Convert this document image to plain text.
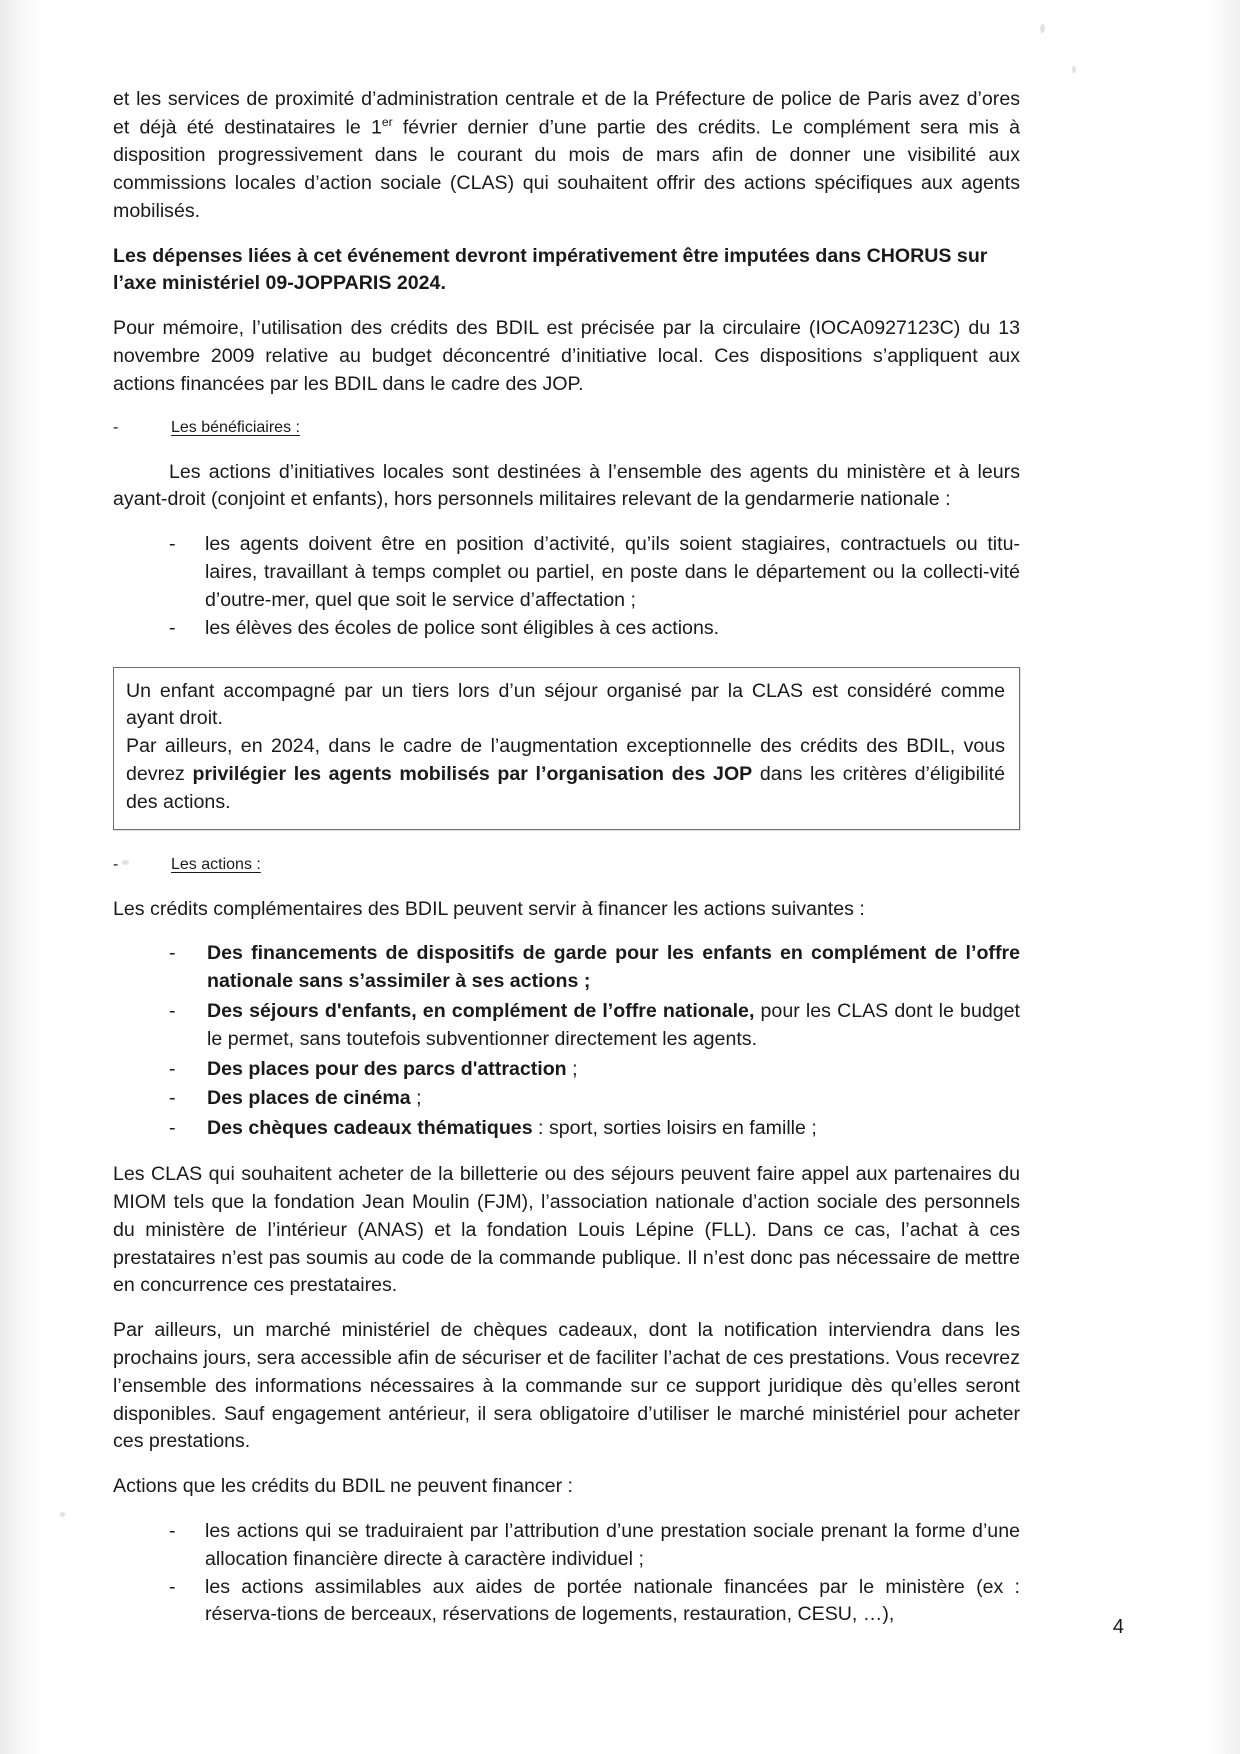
et les services de proximité d’administration centrale et de la Préfecture de police de Paris avez d’ores et déjà été destinataires le 1er février dernier d’une partie des crédits. Le complément sera mis à disposition progressivement dans le courant du mois de mars afin de donner une visibilité aux commissions locales d’action sociale (CLAS) qui souhaitent offrir des actions spécifiques aux agents mobilisés.

Les dépenses liées à cet événement devront impérativement être imputées dans CHORUS sur l’axe ministériel 09-JOPPARIS 2024.

Pour mémoire, l’utilisation des crédits des BDIL est précisée par la circulaire (IOCA0927123C) du 13 novembre 2009 relative au budget déconcentré d’initiative local. Ces dispositions s’appliquent aux actions financées par les BDIL dans le cadre des JOP.

-	Les bénéficiaires :

Les actions d’initiatives locales sont destinées à l’ensemble des agents du ministère et à leurs ayant-droit (conjoint et enfants), hors personnels militaires relevant de la gendarmerie nationale :

-	les agents doivent être en position d’activité, qu’ils soient stagiaires, contractuels ou titu-laires, travaillant à temps complet ou partiel, en poste dans le département ou la collecti-vité d’outre-mer, quel que soit le service d’affectation ;
-	les élèves des écoles de police sont éligibles à ces actions.

Un enfant accompagné par un tiers lors d’un séjour organisé par la CLAS est considéré comme ayant droit.

Par ailleurs, en 2024, dans le cadre de l’augmentation exceptionnelle des crédits des BDIL, vous devrez privilégier les agents mobilisés par l’organisation des JOP dans les critères d’éligibilité des actions.

-	Les actions :

Les crédits complémentaires des BDIL peuvent servir à financer les actions suivantes :

-	Des financements de dispositifs de garde pour les enfants en complément de l’offre nationale sans s’assimiler à ses actions ;
-	Des séjours d'enfants, en complément de l’offre nationale, pour les CLAS dont le budget le permet, sans toutefois subventionner directement les agents.
-	Des places pour des parcs d'attraction ;
-	Des places de cinéma ;
-	Des chèques cadeaux thématiques : sport, sorties loisirs en famille ;

Les CLAS qui souhaitent acheter de la billetterie ou des séjours peuvent faire appel aux partenaires du MIOM tels que la fondation Jean Moulin (FJM), l’association nationale d’action sociale des personnels du ministère de l’intérieur (ANAS) et la fondation Louis Lépine (FLL). Dans ce cas, l’achat à ces prestataires n’est pas soumis au code de la commande publique. Il n’est donc pas nécessaire de mettre en concurrence ces prestataires.

Par ailleurs, un marché ministériel de chèques cadeaux, dont la notification interviendra dans les prochains jours, sera accessible afin de sécuriser et de faciliter l’achat de ces prestations. Vous recevrez l’ensemble des informations nécessaires à la commande sur ce support juridique dès qu’elles seront disponibles. Sauf engagement antérieur, il sera obligatoire d’utiliser le marché ministériel pour acheter ces prestations.

Actions que les crédits du BDIL ne peuvent financer :

-	les actions qui se traduiraient par l’attribution d’une prestation sociale prenant la forme d’une allocation financière directe à caractère individuel ;
-	les actions assimilables aux aides de portée nationale financées par le ministère (ex : réserva-tions de berceaux, réservations de logements, restauration, CESU, …),
4
